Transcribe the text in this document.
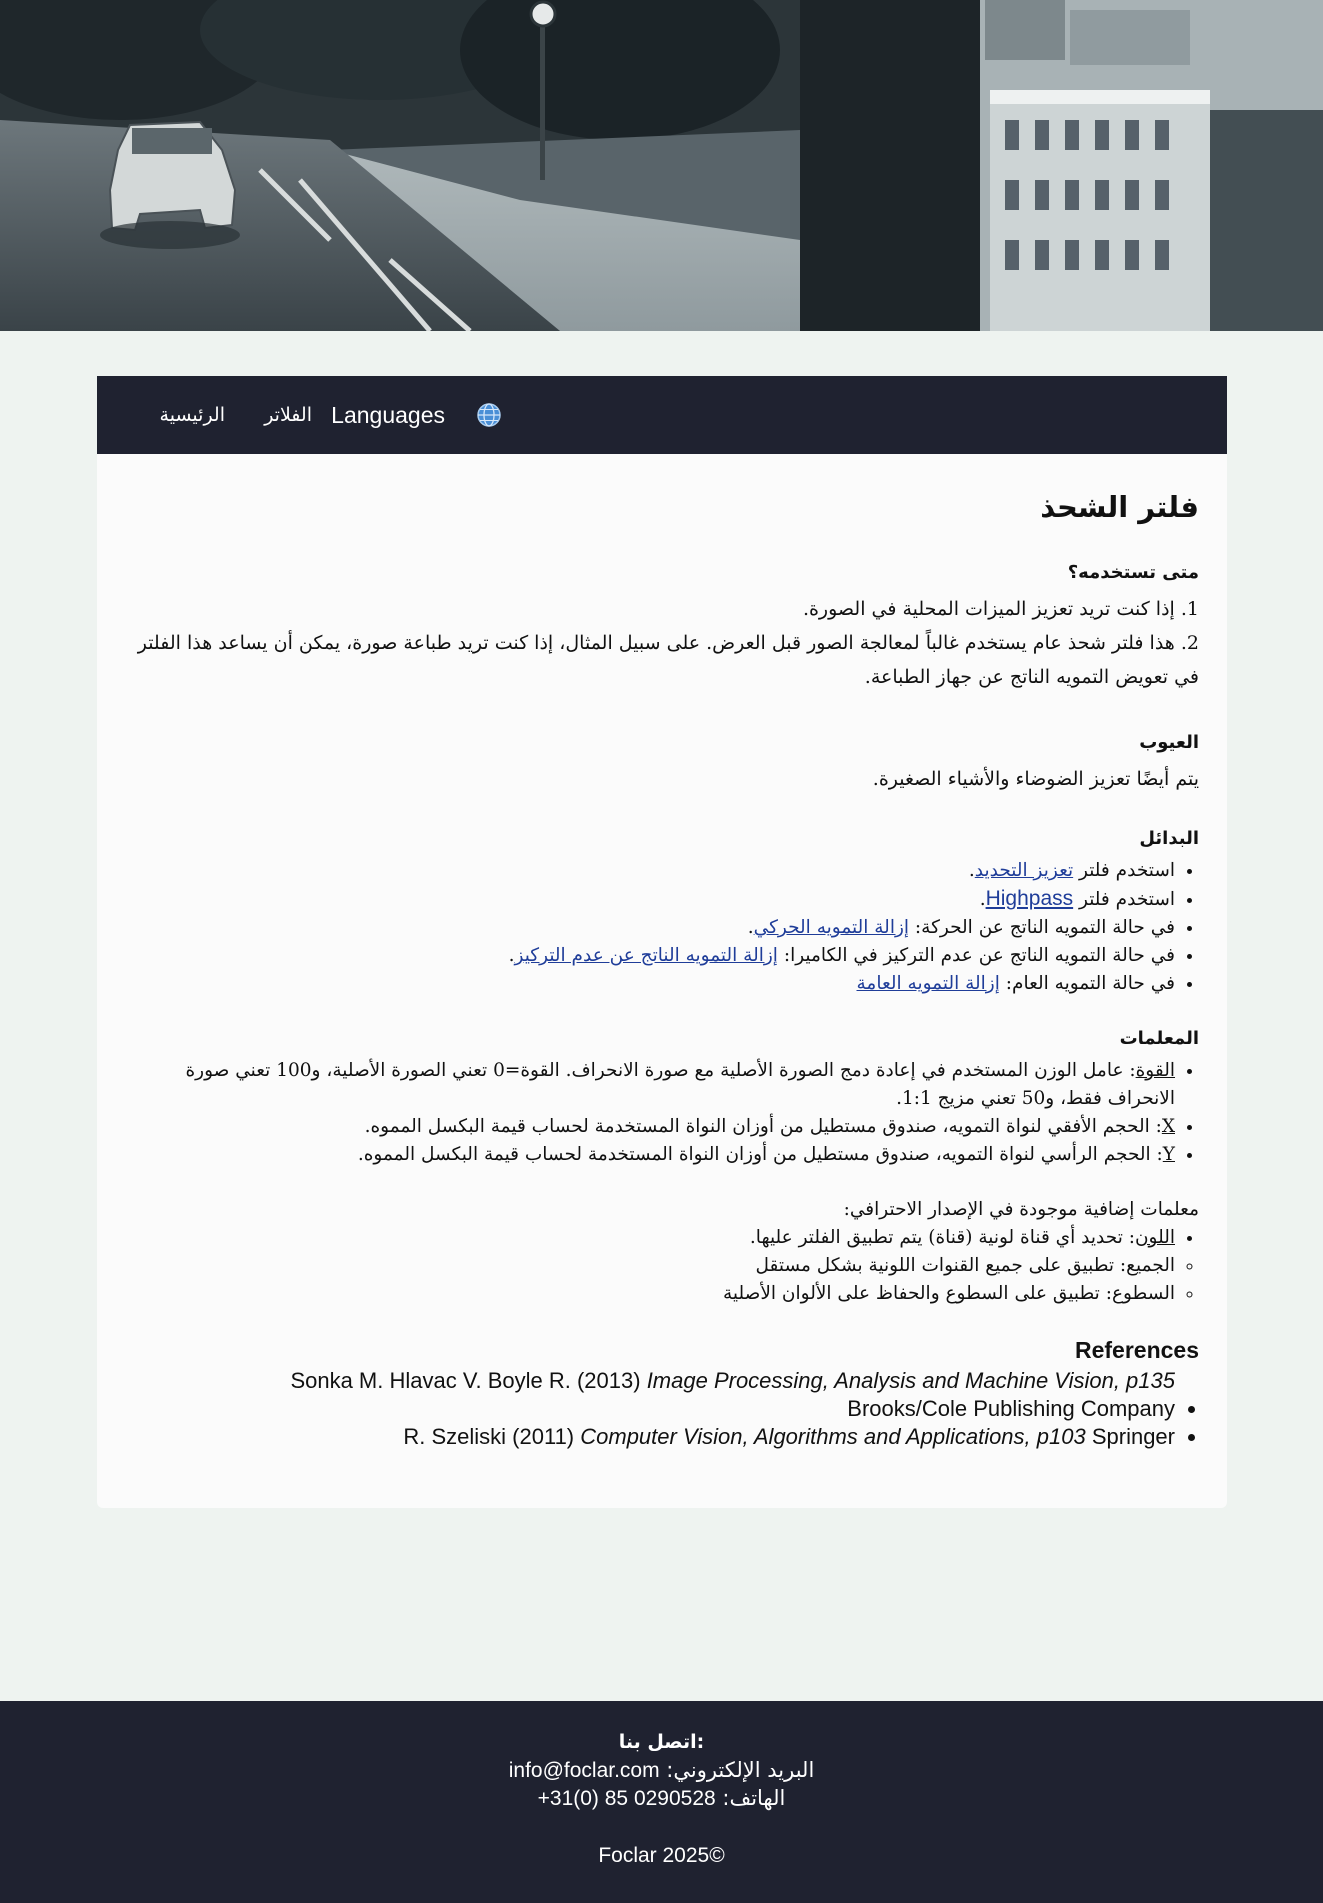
الرئيسية الفلاتر Languages
فلتر الشحذ
متى تستخدمه؟
1. إذا كنت تريد تعزيز الميزات المحلية في الصورة.
2. هذا فلتر شحذ عام يستخدم غالباً لمعالجة الصور قبل العرض. على سبيل المثال، إذا كنت تريد طباعة صورة، يمكن أن يساعد هذا الفلتر في تعويض التمويه الناتج عن جهاز الطباعة.
العيوب
يتم أيضًا تعزيز الضوضاء والأشياء الصغيرة.
البدائل
• استخدم فلتر تعزيز التحديد.
• استخدم فلتر Highpass.
• في حالة التمويه الناتج عن الحركة: إزالة التمويه الحركي.
• في حالة التمويه الناتج عن عدم التركيز في الكاميرا: إزالة التمويه الناتج عن عدم التركيز.
• في حالة التمويه العام: إزالة التمويه العامة
المعلمات
• القوة: عامل الوزن المستخدم في إعادة دمج الصورة الأصلية مع صورة الانحراف. القوة=0 تعني الصورة الأصلية، و100 تعني صورة الانحراف فقط، و50 تعني مزيج 1:1.
• X: الحجم الأفقي لنواة التمويه، صندوق مستطيل من أوزان النواة المستخدمة لحساب قيمة البكسل المموه.
• Y: الحجم الرأسي لنواة التمويه، صندوق مستطيل من أوزان النواة المستخدمة لحساب قيمة البكسل المموه.
معلمات إضافية موجودة في الإصدار الاحترافي:
• اللون: تحديد أي قناة لونية (قناة) يتم تطبيق الفلتر عليها.
◦ الجميع: تطبيق على جميع القنوات اللونية بشكل مستقل
◦ السطوع: تطبيق على السطوع والحفاظ على الألوان الأصلية
References
• Sonka M. Hlavac V. Boyle R. (2013) Image Processing, Analysis and Machine Vision, p135 Brooks/Cole Publishing Company
• R. Szeliski (2011) Computer Vision, Algorithms and Applications, p103 Springer
اتصل بنا:
البريد الإلكتروني: info@foclar.com
الهاتف: +31(0) 85 0290528
Foclar 2025©
